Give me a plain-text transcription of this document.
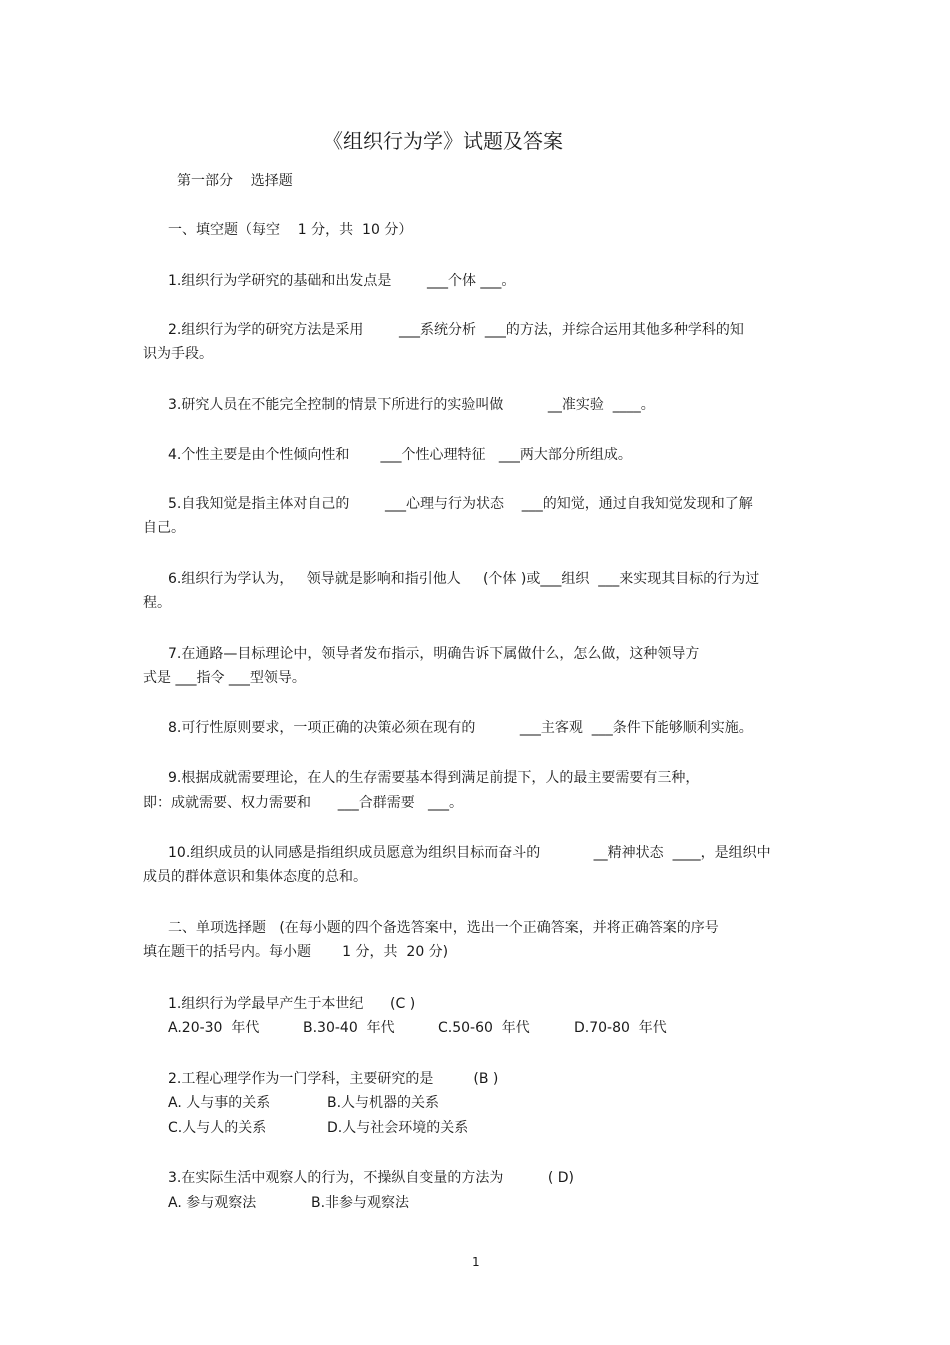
《组织行为学》试题及答案
第一部分    选择题
一、填空题（每空    1 分，共  10 分）
1.组织行为学研究的基础和出发点是        ___个体 ___。
2.组织行为学的研究方法是采用        ___系统分析  ___的方法，并综合运用其他多种学科的知
识为手段。
3.研究人员在不能完全控制的情景下所进行的实验叫做          __准实验  ____。
4.个性主要是由个性倾向性和       ___个性心理特征   ___两大部分所组成。
5.自我知觉是指主体对自己的        ___心理与行为状态    ___的知觉，通过自我知觉发现和了解
自己。
6.组织行为学认为，   领导就是影响和指引他人     (个体 )或___组织  ___来实现其目标的行为过
程。
7.在通路—目标理论中，领导者发布指示，明确告诉下属做什么，怎么做，这种领导方
式是 ___指令 ___型领导。
8.可行性原则要求，一项正确的决策必须在现有的          ___主客观  ___条件下能够顺利实施。
9.根据成就需要理论，在人的生存需要基本得到满足前提下，人的最主要需要有三种，
即：成就需要、权力需要和      ___合群需要   ___。
10.组织成员的认同感是指组织成员愿意为组织目标而奋斗的            __精神状态  ____，是组织中
成员的群体意识和集体态度的总和。
二、单项选择题   (在每小题的四个备选答案中，选出一个正确答案，并将正确答案的序号
填在题干的括号内。每小题       1 分，共  20 分)
1.组织行为学最早产生于本世纪      (C )
A.20-30  年代	B.30-40  年代	C.50-60  年代	D.70-80  年代
2.工程心理学作为一门学科，主要研究的是         (B )
A. 人与事的关系	B.人与机器的关系
C.人与人的关系	D.人与社会环境的关系
3.在实际生活中观察人的行为，不操纵自变量的方法为          ( D)
A. 参与观察法	B.非参与观察法
1
